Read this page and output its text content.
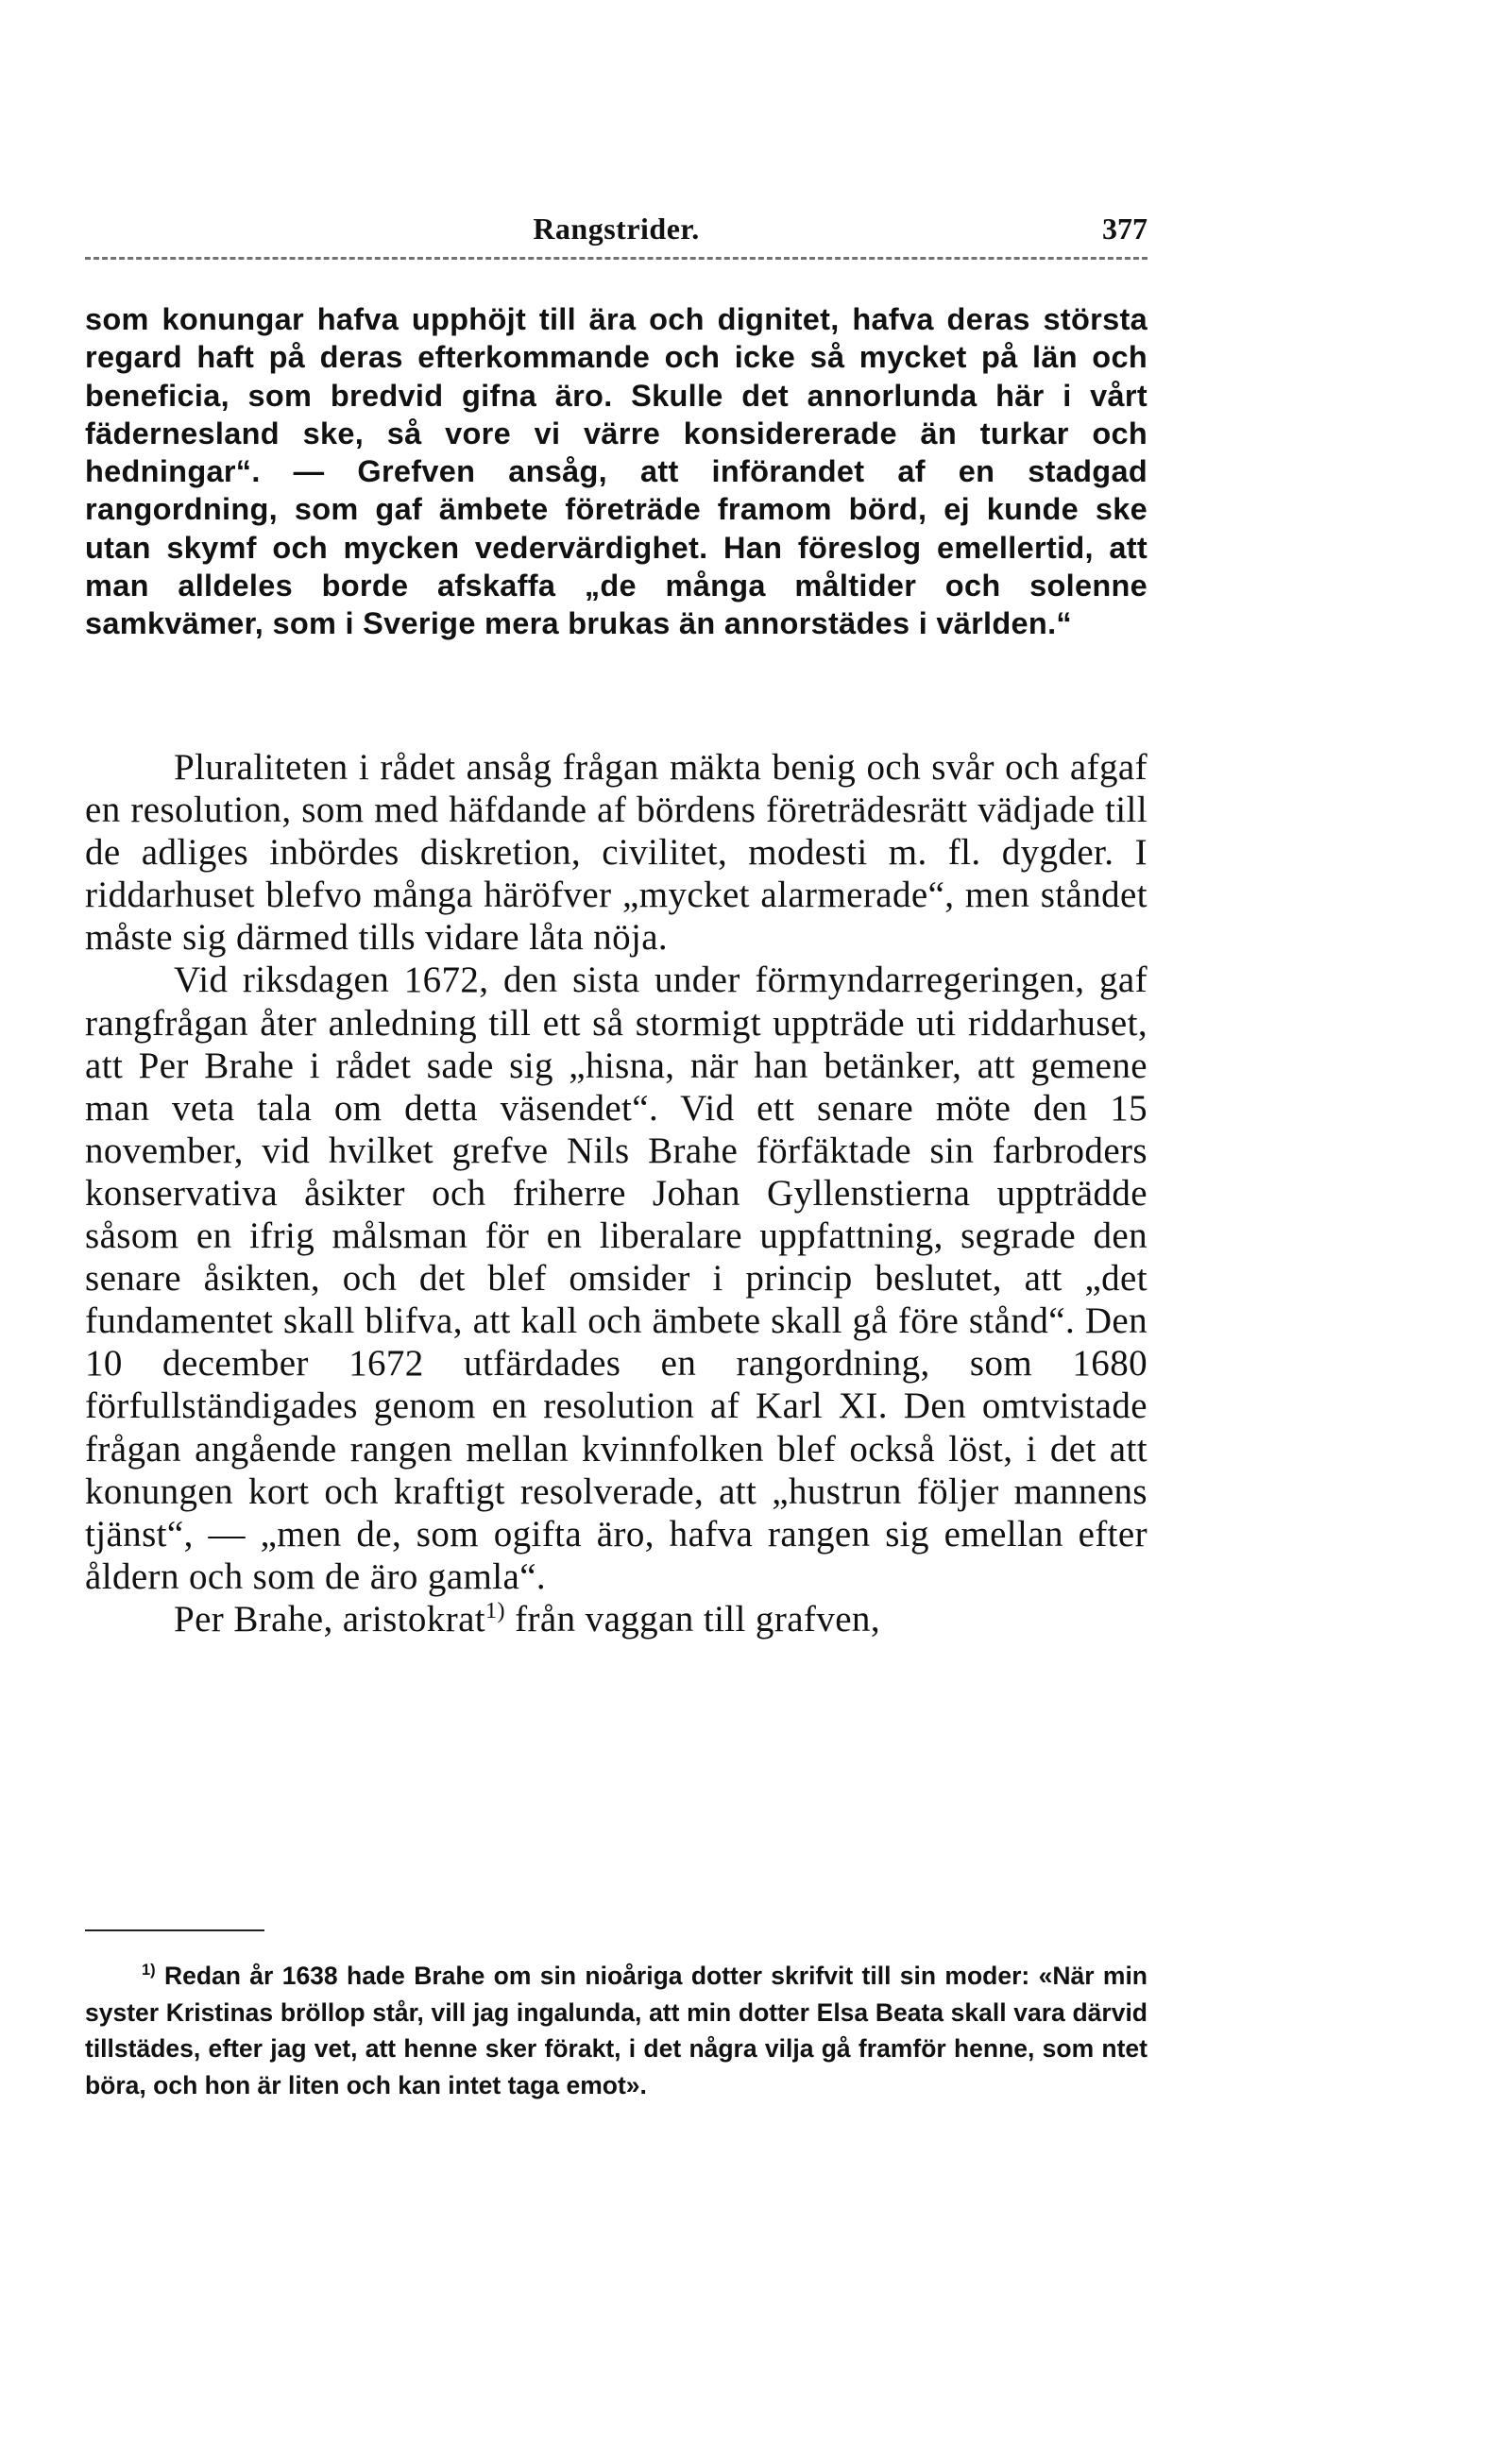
Rangstrider.	377

som konungar hafva upphöjt till ära och dignitet, hafva deras största regard haft på deras efterkommande och icke så mycket på län och beneficia, som bredvid gifna äro. Skulle det annorlunda här i vårt fädernesland ske, så vore vi värre konsidererade än turkar och hedningar“. — Grefven ansåg, att införandet af en stadgad rangordning, som gaf ämbete företräde framom börd, ej kunde ske utan skymf och mycken vedervärdighet. Han föreslog emellertid, att man alldeles borde afskaffa „de många måltider och solenne samkvämer, som i Sverige mera brukas än annorstädes i världen.“

Pluraliteten i rådet ansåg frågan mäkta benig och svår och afgaf en resolution, som med häfdande af bördens företrädesrätt vädjade till de adliges inbördes diskretion, civilitet, modesti m. fl. dygder. I riddarhuset blefvo många häröfver „mycket alarmerade“, men ståndet måste sig därmed tills vidare låta nöja.

Vid riksdagen 1672, den sista under förmyndarregeringen, gaf rangfrågan åter anledning till ett så stormigt uppträde uti riddarhuset, att Per Brahe i rådet sade sig „hisna, när han betänker, att gemene man veta tala om detta väsendet“. Vid ett senare möte den 15 november, vid hvilket grefve Nils Brahe förfäktade sin farbroders konservativa åsikter och friherre Johan Gyllenstierna uppträdde såsom en ifrig målsman för en liberalare uppfattning, segrade den senare åsikten, och det blef omsider i princip beslutet, att „det fundamentet skall blifva, att kall och ämbete skall gå före stånd“. Den 10 december 1672 utfärdades en rangordning, som 1680 förfullständigades genom en resolution af Karl XI. Den omtvistade frågan angående rangen mellan kvinnfolken blef också löst, i det att konungen kort och kraftigt resolverade, att „hustrun följer mannens tjänst“, — „men de, som ogifta äro, hafva rangen sig emellan efter åldern och som de äro gamla“.

Per Brahe, aristokrat$^{1)}$ från vaggan till grafven,

$^{1)}$ Redan år 1638 hade Brahe om sin nioåriga dotter skrifvit till sin moder: «När min syster Kristinas bröllop står, vill jag ingalunda, att min dotter Elsa Beata skall vara därvid tillstädes, efter jag vet, att henne sker förakt, i det några vilja gå framför henne, som ntet böra, och hon är liten och kan intet taga emot».
